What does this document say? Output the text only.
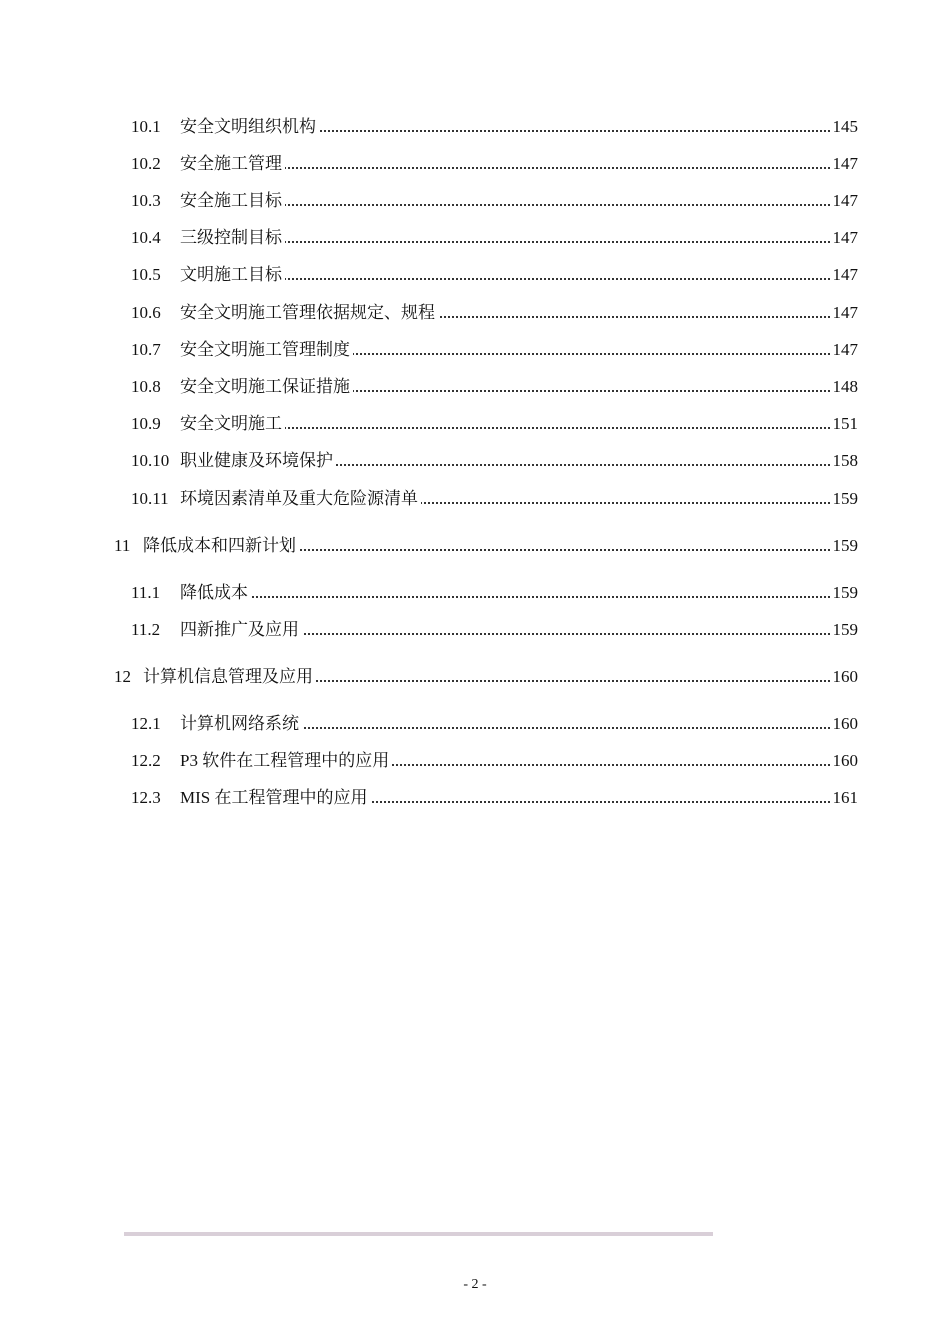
10.1 安全文明组织机构	145
10.2 安全施工管理	147
10.3 安全施工目标	147
10.4 三级控制目标	147
10.5 文明施工目标	147
10.6 安全文明施工管理依据规定、规程	147
10.7 安全文明施工管理制度	147
10.8 安全文明施工保证措施	148
10.9 安全文明施工	151
10.10 职业健康及环境保护	158
10.11 环境因素清单及重大危险源清单	159
11 降低成本和四新计划	159
11.1 降低成本	159
11.2 四新推广及应用	159
12 计算机信息管理及应用	160
12.1 计算机网络系统	160
12.2 P3 软件在工程管理中的应用	160
12.3 MIS 在工程管理中的应用	161
- 2 -
